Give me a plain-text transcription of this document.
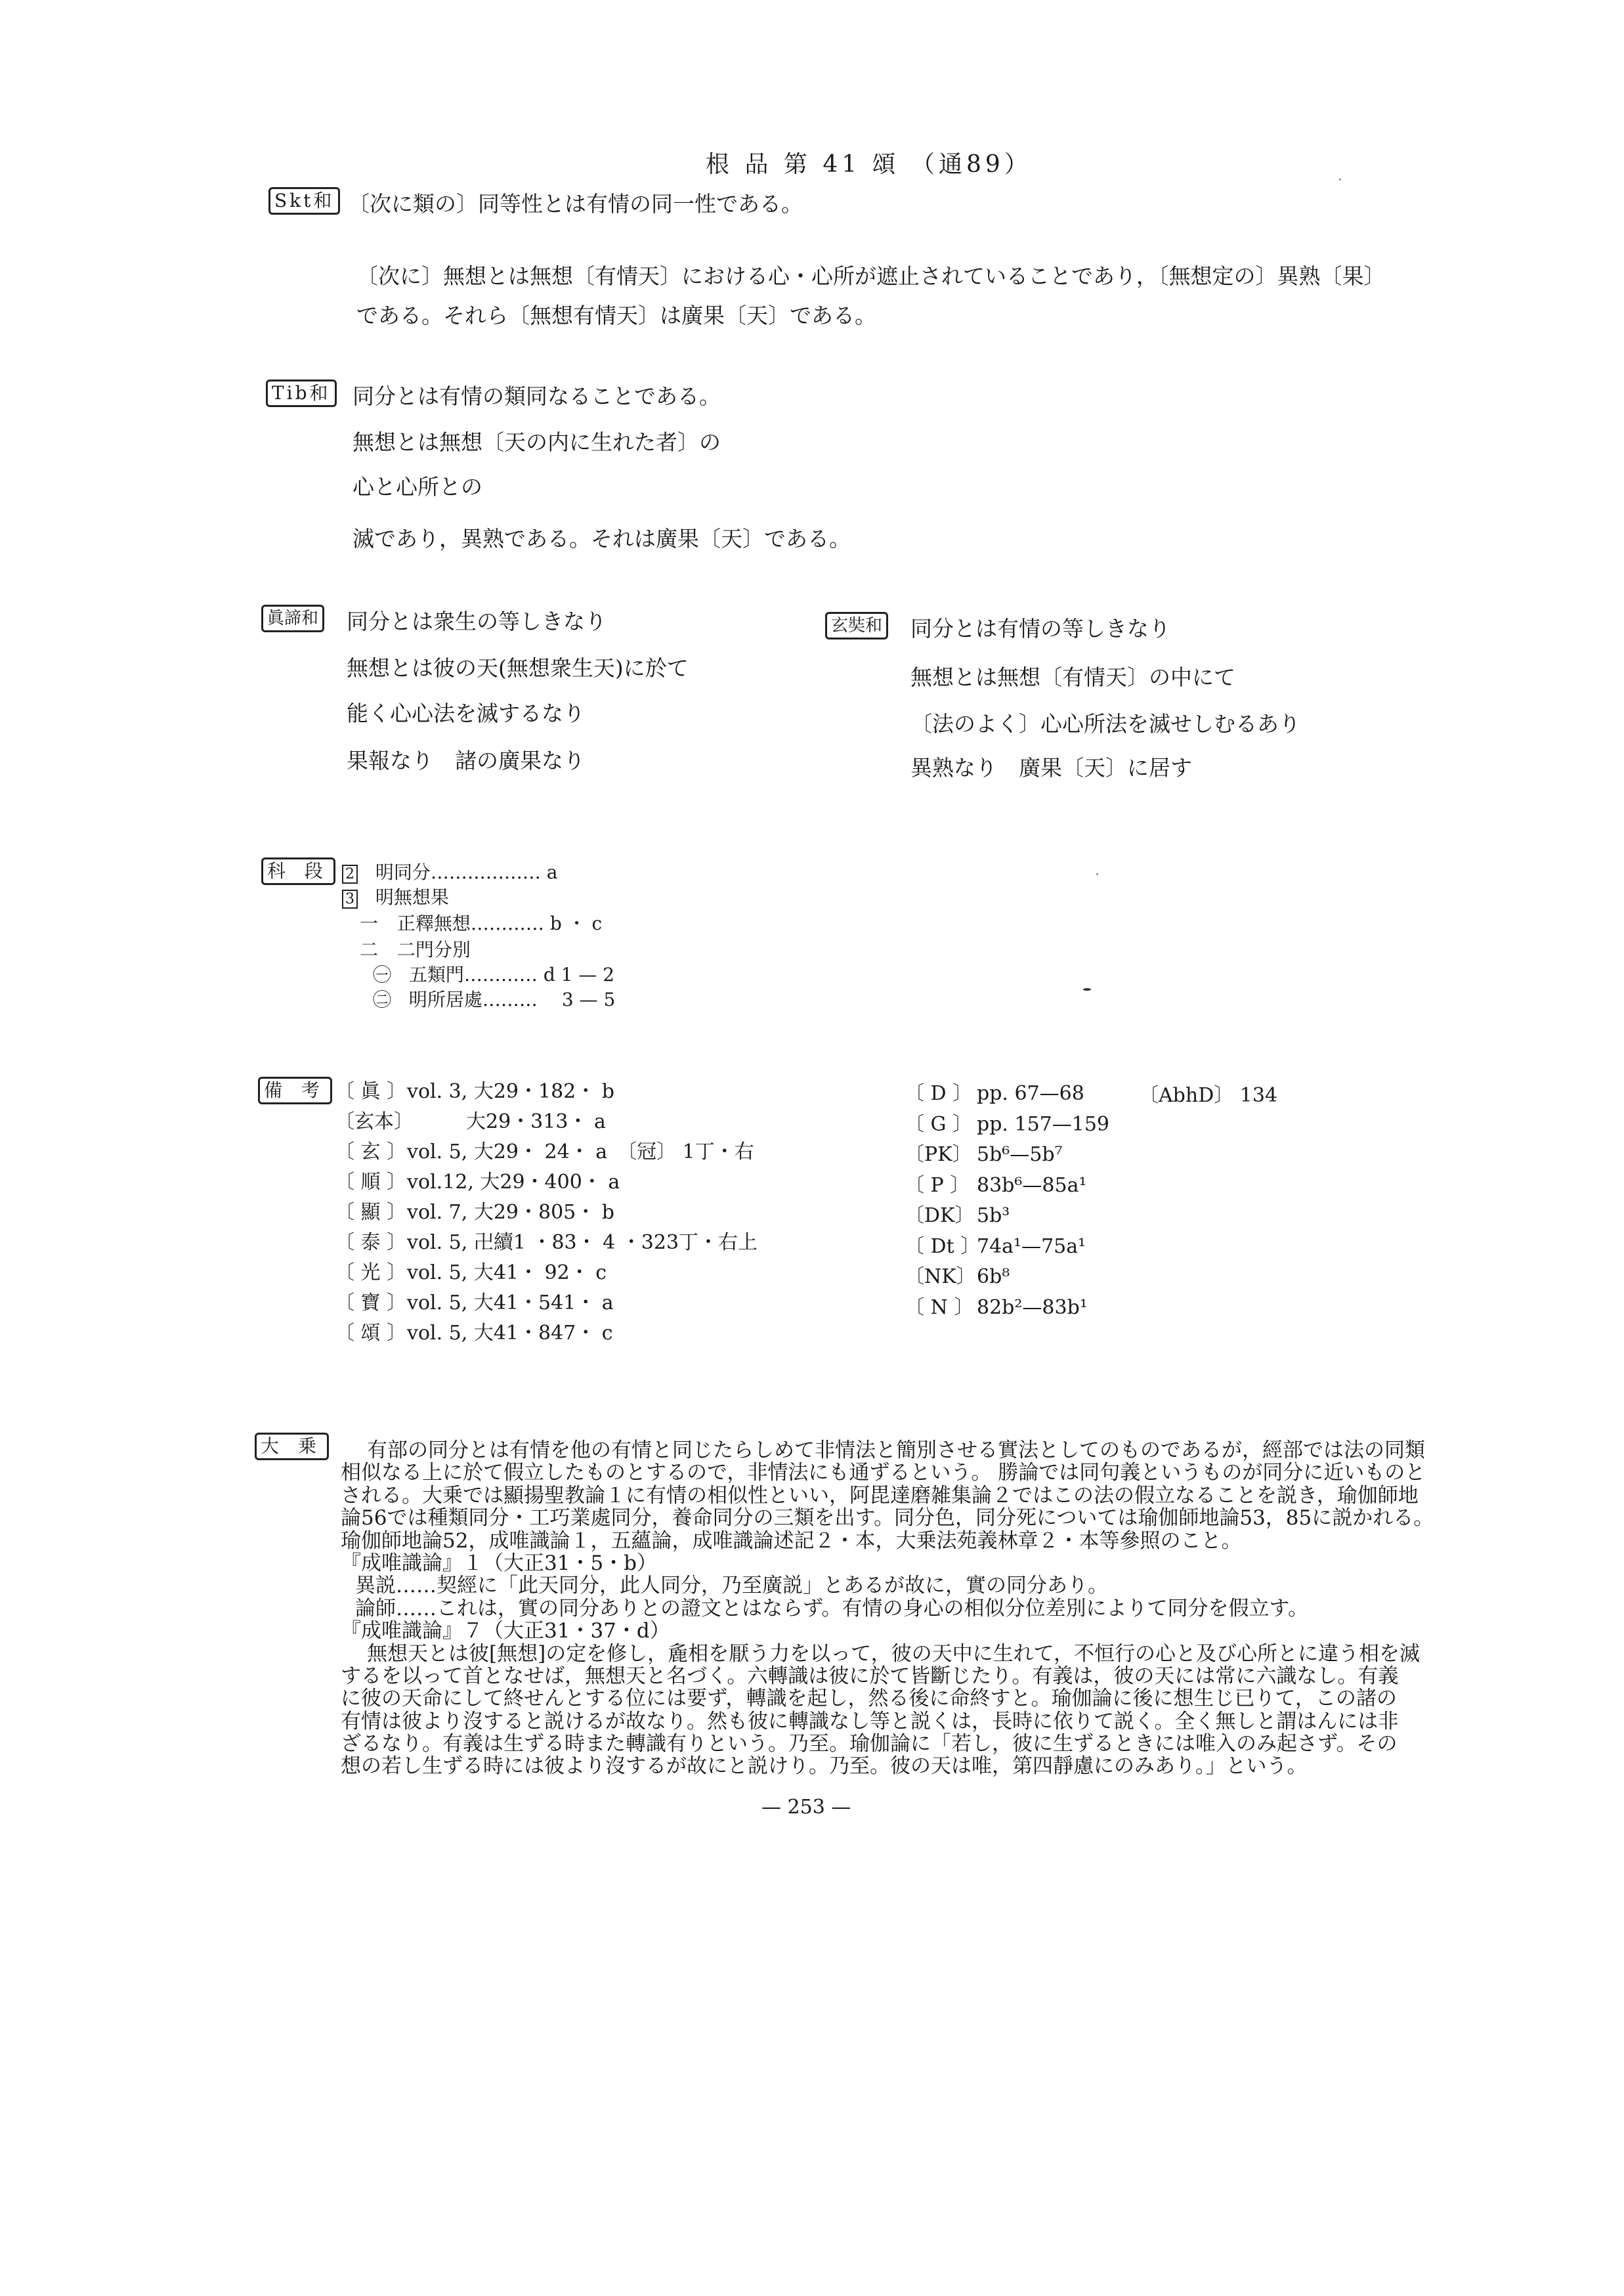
根 品 第 41 頌 （通89）
Skt和 〔次に類の〕同等性とは有情の同一性である。
〔次に〕無想とは無想〔有情天〕における心・心所が遮止されていることであり，〔無想定の〕異熟〔果〕
である。それら〔無想有情天〕は廣果〔天〕である。
Tib和 同分とは有情の類同なることである。
無想とは無想〔天の内に生れた者〕の
心と心所との
滅であり，異熟である。それは廣果〔天〕である。
眞諦和 同分とは衆生の等しきなり
無想とは彼の天(無想衆生天)に於て
能く心心法を滅するなり
果報なり　諸の廣果なり
玄奘和 同分とは有情の等しきなり
無想とは無想〔有情天〕の中にて
〔法のよく〕心心所法を滅せしむるあり
異熟なり　廣果〔天〕に居す
科 段	2 明同分……………… a
3 明無想果
一 正釋無想………… b ・ c
二 二門分別
㊀ 五類門………… d 1 — 2
㊁ 明所居處………　 3 — 5
備 考 〔 眞 〕vol. 3, 大29・182・ b
〔玄本〕　　　大29・313・ a
〔 玄 〕vol. 5, 大29・ 24・ a　〔冠〕 1丁・右
〔 順 〕vol.12, 大29・400・ a
〔 顯 〕vol. 7, 大29・805・ b
〔 泰 〕vol. 5, 卍續1 ・83・ 4 ・323丁・右上
〔 光 〕vol. 5, 大41・ 92・ c
〔 寶 〕vol. 5, 大41・541・ a
〔 頌 〕vol. 5, 大41・847・ c
〔 D 〕 pp. 67—68
〔 G 〕 pp. 157—159
〔PK〕 5b⁶—5b⁷
〔 P 〕 83b⁶—85a¹
〔DK〕 5b³
〔 Dt 〕74a¹—75a¹
〔NK〕6b⁸
〔 N 〕 82b²—83b¹
〔AbhD〕 134
大 乗	有部の同分とは有情を他の有情と同じたらしめて非情法と簡別させる實法としてのものであるが，經部では法の同類
相似なる上に於て假立したものとするので，非情法にも通ずるという。 勝論では同句義というものが同分に近いものと
される。大乗では顯揚聖教論１に有情の相似性といい，阿毘達磨雑集論２ではこの法の假立なることを説き，瑜伽師地
論56では種類同分・工巧業處同分，養命同分の三類を出す。同分色，同分死については瑜伽師地論53，85に説かれる。
瑜伽師地論52，成唯識論１，五蘊論，成唯識論述記２・本，大乗法苑義林章２・本等參照のこと。
『成唯識論』１（大正31・5・b）
異説……契經に「此天同分，此人同分，乃至廣説」とあるが故に，實の同分あり。
論師……これは，實の同分ありとの證文とはならず。有情の身心の相似分位差別によりて同分を假立す。
『成唯識論』７（大正31・37・d）
無想天とは彼[無想]の定を修し，麁相を厭う力を以って，彼の天中に生れて，不恒行の心と及び心所とに違う相を滅
するを以って首となせば，無想天と名づく。六轉識は彼に於て皆斷じたり。有義は，彼の天には常に六識なし。有義
に彼の天命にして終せんとする位には要ず，轉識を起し，然る後に命終すと。瑜伽論に後に想生じ已りて，この諸の
有情は彼より沒すると説けるが故なり。然も彼に轉識なし等と説くは，長時に依りて説く。全く無しと謂はんには非
ざるなり。有義は生ずる時また轉識有りという。乃至。瑜伽論に「若し，彼に生ずるときには唯入のみ起さず。その
想の若し生ずる時には彼より沒するが故にと説けり。乃至。彼の天は唯，第四靜慮にのみあり。」という。
— 253 —
